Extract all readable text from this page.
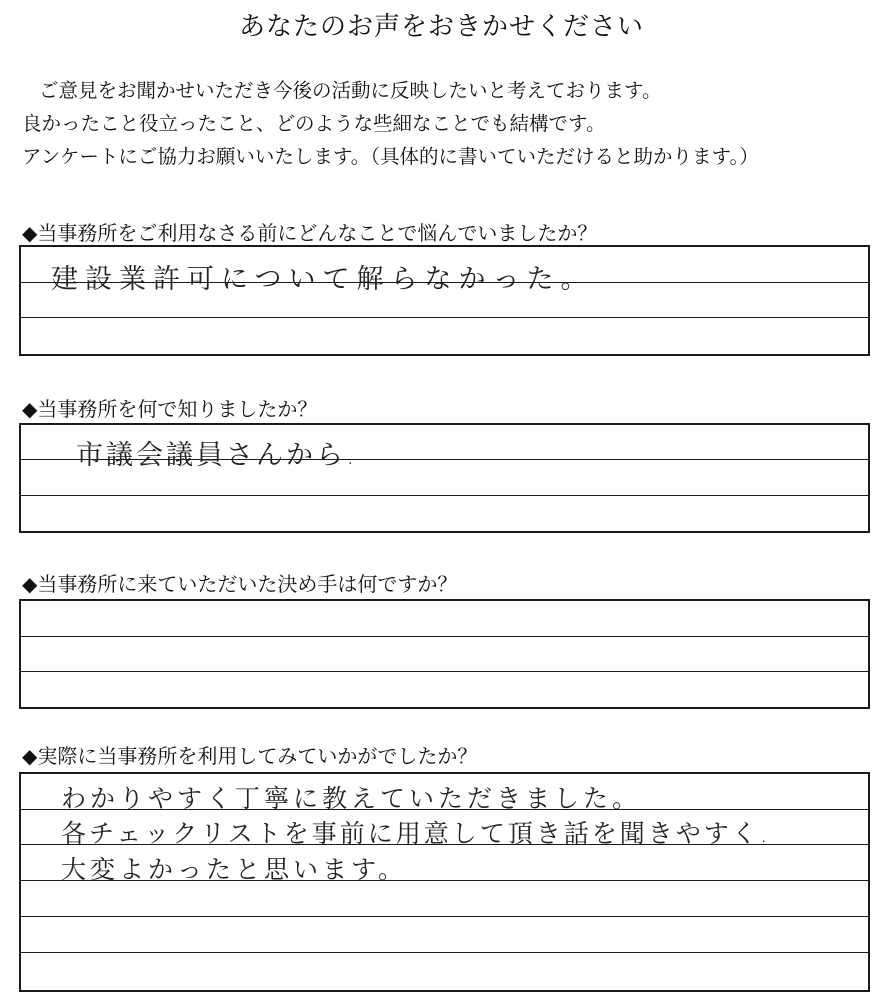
あなたのお声をおきかせください
ご意見をお聞かせいただき今後の活動に反映したいと考えております。
良かったこと役立ったこと、どのような些細なことでも結構です。
アンケートにご協力お願いいたします。（具体的に書いていただけると助かります。）
◆当事務所をご利用なさる前にどんなことで悩んでいましたか？
建設業許可について解らなかった。
◆当事務所を何で知りましたか？
市議会議員さんから.
◆当事務所に来ていただいた決め手は何ですか？
◆実際に当事務所を利用してみていかがでしたか？
わかりやすく丁寧に教えていただきました。
各チェックリストを事前に用意して頂き話を聞きやすく.
大変よかったと思います。
